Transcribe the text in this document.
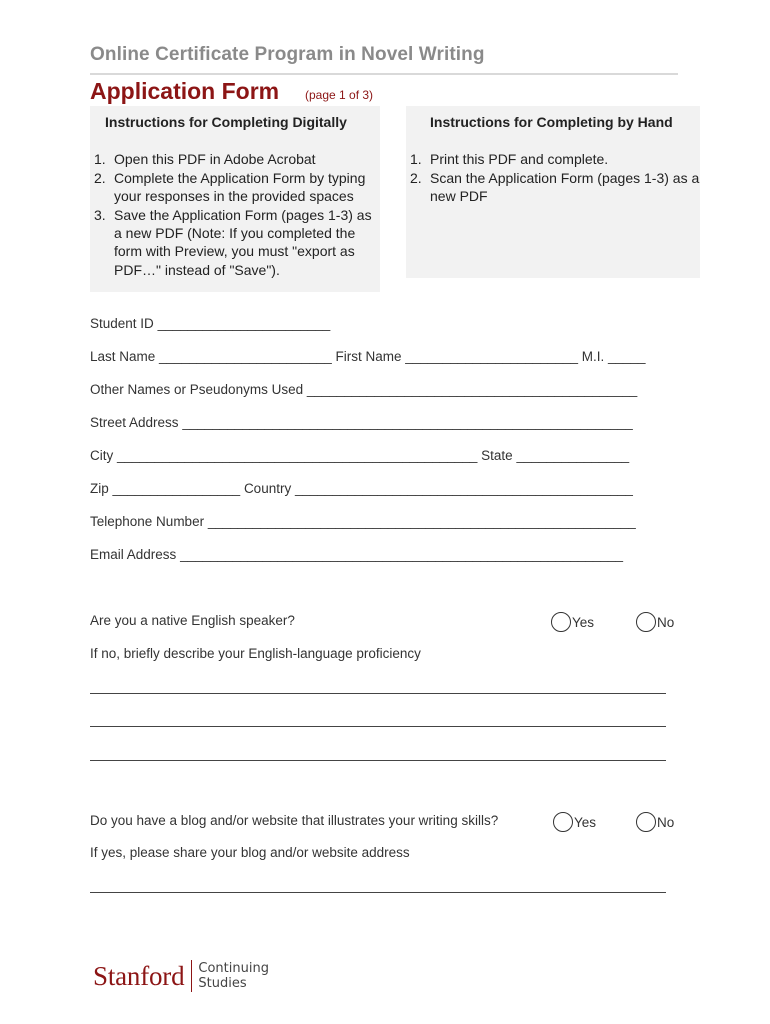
Online Certificate Program in Novel Writing
Application Form (page 1 of 3)
Instructions for Completing Digitally
1. Open this PDF in Adobe Acrobat
2. Complete the Application Form by typing your responses in the provided spaces
3. Save the Application Form (pages 1-3) as a new PDF (Note: If you completed the form with Preview, you must "export as PDF…" instead of "Save").
Instructions for Completing by Hand
1. Print this PDF and complete.
2. Scan the Application Form (pages 1-3) as a new PDF
Student ID _______________________
Last Name _______________________ First Name _______________________ M.I. _____
Other Names or Pseudonyms Used ____________________________________________
Street Address ____________________________________________________________
City ________________________________________________ State _______________
Zip _________________ Country _____________________________________________
Telephone Number _________________________________________________________
Email Address ___________________________________________________________
Are you a native English speaker?	Yes	No
If no, briefly describe your English-language proficiency
Do you have a blog and/or website that illustrates your writing skills?	Yes	No
If yes, please share your blog and/or website address
Stanford Continuing
Studies
